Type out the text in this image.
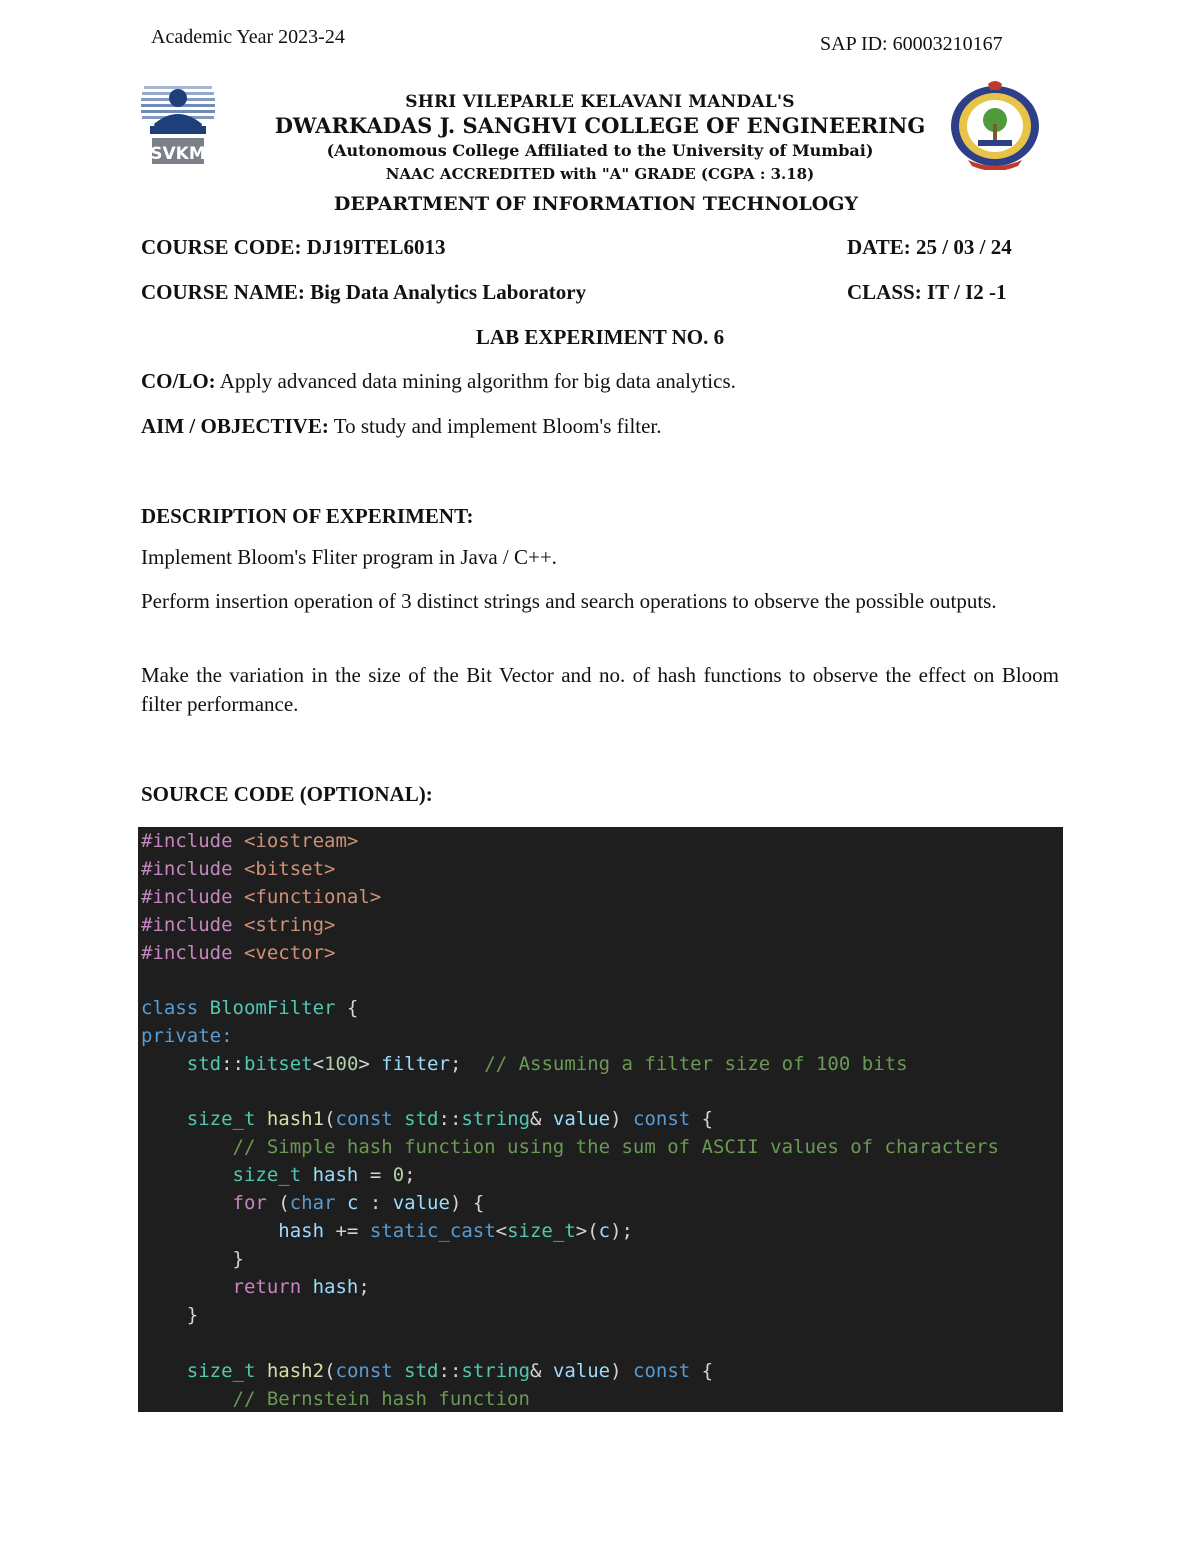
Academic Year 2023-24	SAP ID: 60003210167
SVKM
SHRI VILEPARLE KELAVANI MANDAL'S
DWARKADAS J. SANGHVI COLLEGE OF ENGINEERING
(Autonomous College Affiliated to the University of Mumbai)
NAAC ACCREDITED with "A" GRADE (CGPA : 3.18)
DEPARTMENT OF INFORMATION TECHNOLOGY
COURSE CODE: DJ19ITEL6013	DATE: 25 / 03 / 24
COURSE NAME: Big Data Analytics Laboratory	CLASS: IT / I2 -1
LAB EXPERIMENT NO. 6
CO/LO: Apply advanced data mining algorithm for big data analytics.
AIM / OBJECTIVE: To study and implement Bloom's filter.
DESCRIPTION OF EXPERIMENT:
Implement Bloom's Fliter program in Java / C++.
Perform insertion operation of 3 distinct strings and search operations to observe the possible outputs.
Make the variation in the size of the Bit Vector and no. of hash functions to observe the effect on Bloom filter performance.
SOURCE CODE (OPTIONAL):
#include <iostream>
#include <bitset>
#include <functional>
#include <string>
#include <vector>
class BloomFilter {
private:
std::bitset<100> filter;  // Assuming a filter size of 100 bits
size_t hash1(const std::string& value) const {
// Simple hash function using the sum of ASCII values of characters
size_t hash = 0;
for (char c : value) {
hash += static_cast<size_t>(c);
}
return hash;
}
size_t hash2(const std::string& value) const {
// Bernstein hash function
